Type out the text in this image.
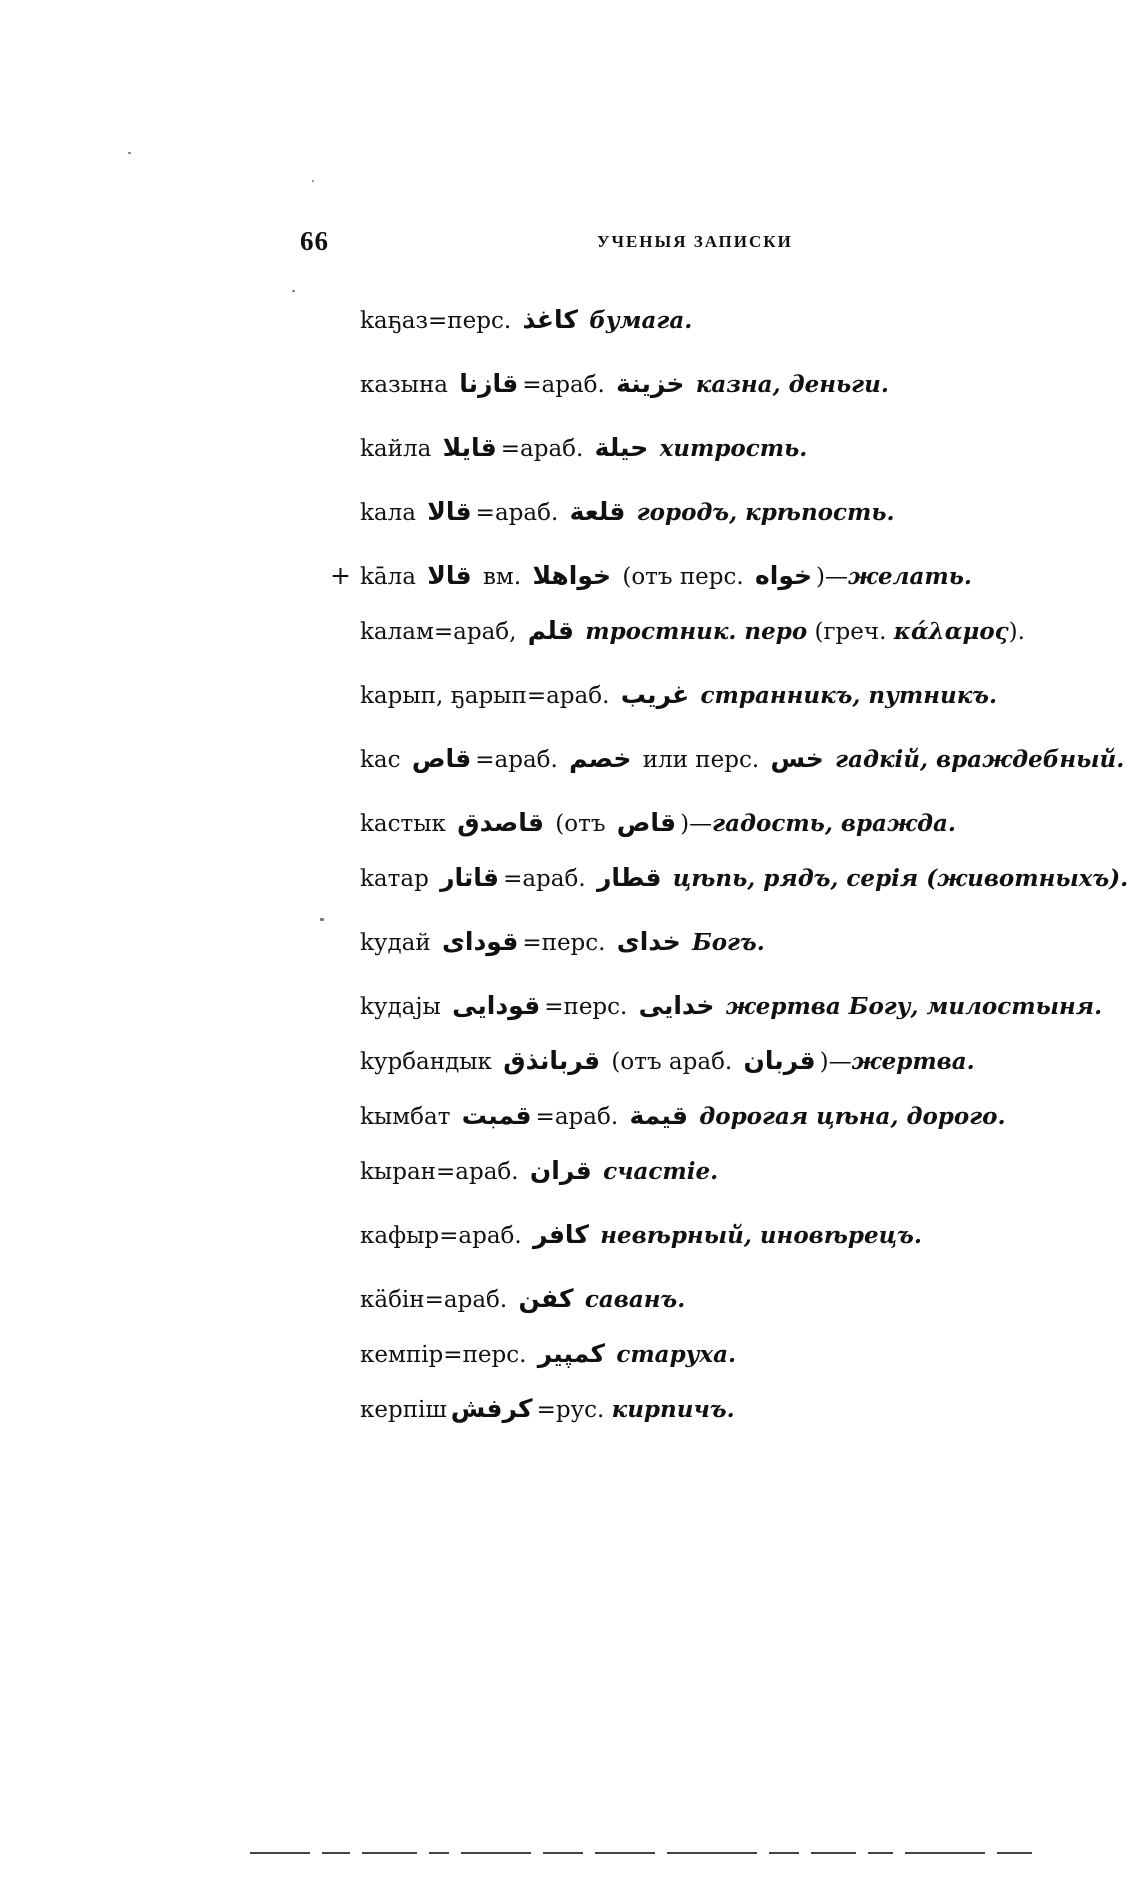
66	УЧЕНЫЯ ЗАПИСКИ
kaҕаз=перс. کاغذ бумага.
казына قازنا =араб. خزينة казна, деньги.
kайла قايلا =араб. حيلة хитрость.
kала قالا =араб. قلعة городъ, крѣпость.
+ kāла قالا вм. خواهلا (отъ перс. خواه )—желать.
kалам=араб, قلم тростник. перо (греч. κάλαμος).
kарып, ҕарып=араб. غريب странникъ, путникъ.
kас قاص =араб. خصم или перс. خس гадкій, враждебный.
kастык قاصدق (отъ قاص )—гадость, вражда.
kатар قاتار =араб. قطار цѣпь, рядъ, серія (животныхъ).
kудай قوداى =перс. خداى Богъ.
kудаjы قودايى =перс. خدايى жертва Богу, милостыня.
kурбандык قربانذق (отъ араб. قربان )—жертва.
kымбат قمبت =араб. قيمة дорогая цѣна, дорого.
kыран=араб. قران счастіе.
кафыр=араб. كافر невѣрный, иновѣрецъ.
кӓбін=араб. كفن саванъ.
кемпір=перс. كمپير старуха.
керпіш كرفش =рус. кирпичъ.
